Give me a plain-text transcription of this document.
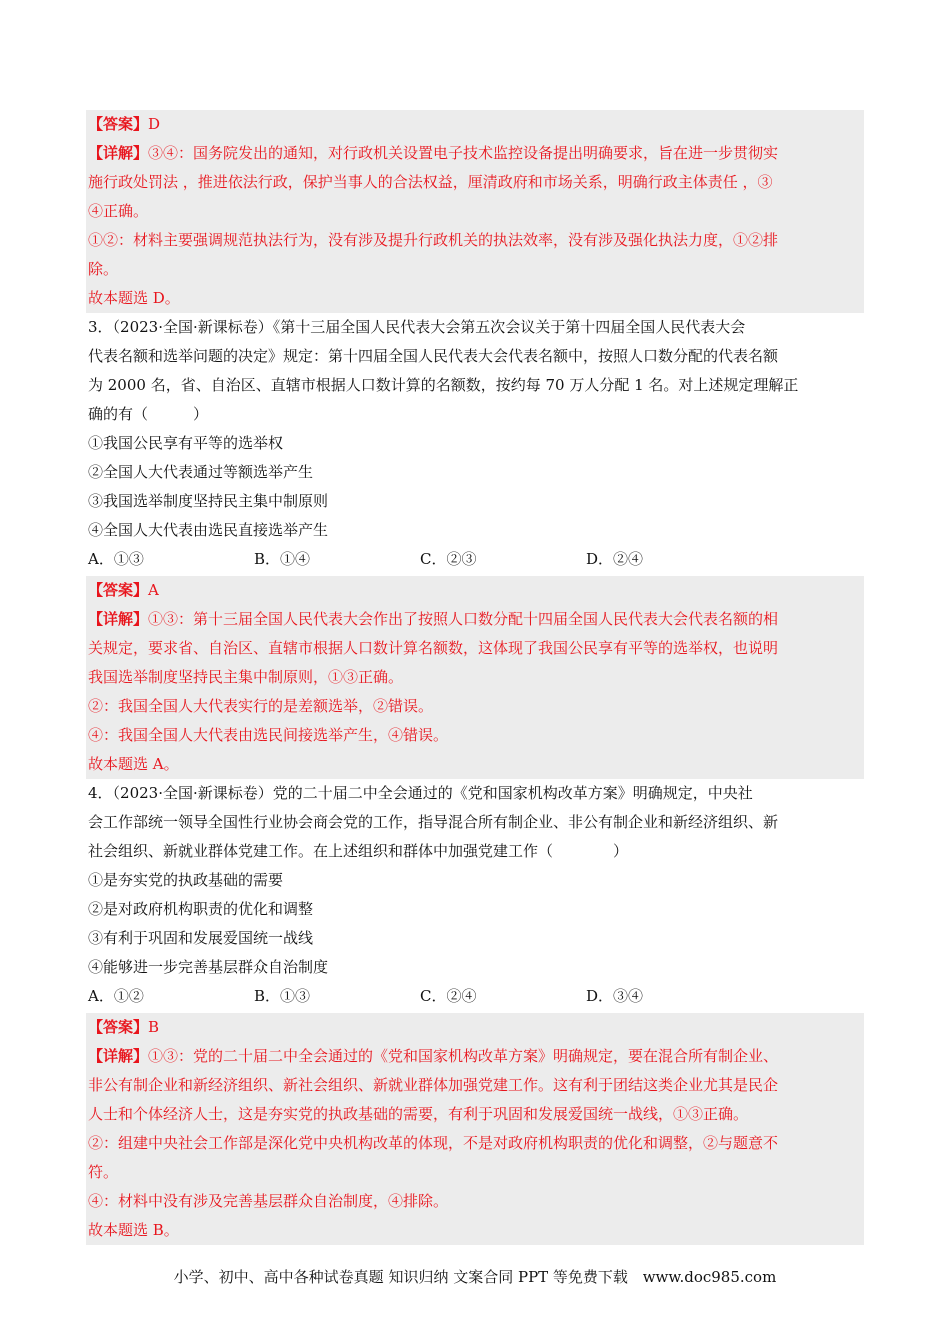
【答案】D
【详解】③④：国务院发出的通知，对行政机关设置电子技术监控设备提出明确要求，旨在进一步贯彻实
施行政处罚法 ，推进依法行政，保护当事人的合法权益，厘清政府和市场关系，明确行政主体责任 ，③
④正确。
①②：材料主要强调规范执法行为，没有涉及提升行政机关的执法效率，没有涉及强化执法力度，①②排
除。
故本题选 D。
3．（2023·全国·新课标卷）《第十三届全国人民代表大会第五次会议关于第十四届全国人民代表大会
代表名额和选举问题的决定》规定：第十四届全国人民代表大会代表名额中，按照人口数分配的代表名额
为 2000 名，省、自治区、直辖市根据人口数计算的名额数，按约每 70 万人分配 1 名。对上述规定理解正
确的有（　　　）
①我国公民享有平等的选举权
②全国人大代表通过等额选举产生
③我国选举制度坚持民主集中制原则
④全国人大代表由选民直接选举产生
A．①③	B．①④	C．②③	D．②④
【答案】A
【详解】①③：第十三届全国人民代表大会作出了按照人口数分配十四届全国人民代表大会代表名额的相
关规定，要求省、自治区、直辖市根据人口数计算名额数，这体现了我国公民享有平等的选举权，也说明
我国选举制度坚持民主集中制原则，①③正确。
②：我国全国人大代表实行的是差额选举，②错误。
④：我国全国人大代表由选民间接选举产生，④错误。
故本题选 A。
4．（2023·全国·新课标卷）党的二十届二中全会通过的《党和国家机构改革方案》明确规定，中央社
会工作部统一领导全国性行业协会商会党的工作，指导混合所有制企业、非公有制企业和新经济组织、新
社会组织、新就业群体党建工作。在上述组织和群体中加强党建工作（　　　　）
①是夯实党的执政基础的需要
②是对政府机构职责的优化和调整
③有利于巩固和发展爱国统一战线
④能够进一步完善基层群众自治制度
A．①②	B．①③	C．②④	D．③④
【答案】B
【详解】①③：党的二十届二中全会通过的《党和国家机构改革方案》明确规定，要在混合所有制企业、
非公有制企业和新经济组织、新社会组织、新就业群体加强党建工作。这有利于团结这类企业尤其是民企
人士和个体经济人士，这是夯实党的执政基础的需要，有利于巩固和发展爱国统一战线，①③正确。
②：组建中央社会工作部是深化党中央机构改革的体现，不是对政府机构职责的优化和调整，②与题意不
符。
④：材料中没有涉及完善基层群众自治制度，④排除。
故本题选 B。
小学、初中、高中各种试卷真题 知识归纳 文案合同 PPT 等免费下载 www.doc985.com
